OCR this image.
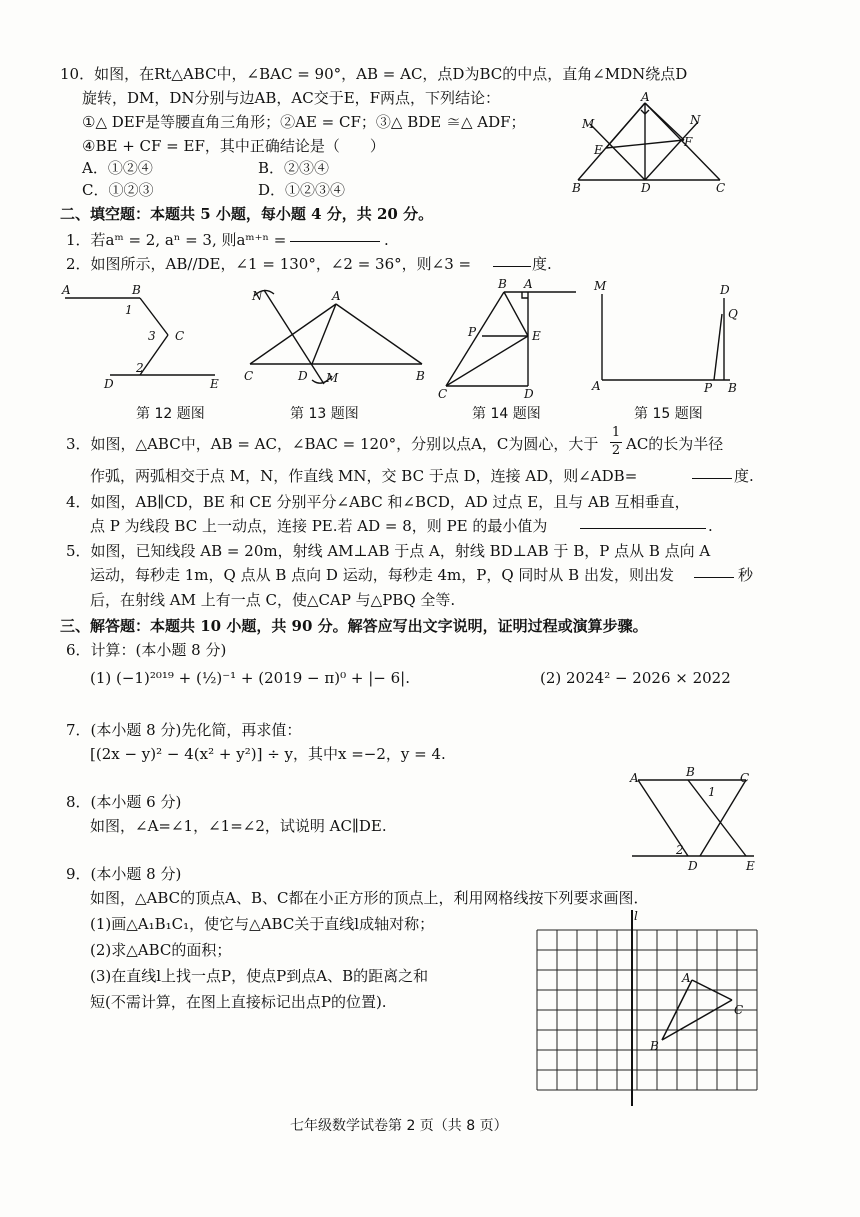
10．如图，在Rt△ABC中，∠BAC = 90°，AB = AC，点D为BC的中点，直角∠MDN绕点D
旋转，DM，DN分别与边AB，AC交于E，F两点，下列结论：
①△ DEF是等腰直角三角形；②AE = CF；③△ BDE ≅△ ADF；
④BE + CF = EF，其中正确结论是（　　）
A．①②④	B．②③④
C．①②③	D．①②③④
A
M	N
E
F
B	D	C
二、填空题：本题共 5 小题，每小题 4 分，共 20 分。
1．若aᵐ = 2, aⁿ = 3, 则aᵐ⁺ⁿ =	.
2．如图所示，AB//DE，∠1 = 130°，∠2 = 36°，则∠3 =	度.
A	B
1
3 C
2
D	E
第 12 题图
N	A
C	D M	B
第 13 题图
B A
P	E
C	D
第 14 题图
M	D
Q
A	P B
第 15 题图
3．如图，△ABC中，AB = AC，∠BAC = 120°，分别以点A，C为圆心，大于
1
2 AC的长为半径
作弧，两弧相交于点 M，N，作直线 MN，交 BC 于点 D，连接 AD，则∠ADB=	度.
4．如图，AB∥CD，BE 和 CE 分别平分∠ABC 和∠BCD，AD 过点 E，且与 AB 互相垂直，
点 P 为线段 BC 上一动点，连接 PE.若 AD = 8，则 PE 的最小值为	.
5．如图，已知线段 AB = 20m，射线 AM⊥AB 于点 A，射线 BD⊥AB 于 B，P 点从 B 点向 A
运动，每秒走 1m，Q 点从 B 点向 D 运动，每秒走 4m，P，Q 同时从 B 出发，则出发	秒
后，在射线 AM 上有一点 C，使△CAP 与△PBQ 全等.
三、解答题：本题共 10 小题，共 90 分。解答应写出文字说明，证明过程或演算步骤。
6．计算：(本小题 8 分)
(1) (−1)²⁰¹⁹ + (½)⁻¹ + (2019 − π)⁰ + |− 6|.	(2) 2024² − 2026 × 2022
7．(本小题 8 分)先化简，再求值：
[(2x − y)² − 4(x² + y²)] ÷ y，其中x =−2，y = 4.
8．(本小题 6 分)
如图，∠A=∠1，∠1=∠2，试说明 AC∥DE.
A	B	C
1
2
D	E
9．(本小题 8 分)
如图，△ABC的顶点A、B、C都在小正方形的顶点上，利用网格线按下列要求画图．
(1)画△A₁B₁C₁，使它与△ABC关于直线l成轴对称；
(2)求△ABC的面积；
(3)在直线l上找一点P，使点P到点A、B的距离之和
短(不需计算，在图上直接标记出点P的位置).
l
A
B
C
七年级数学试卷第 2 页（共 8 页）
